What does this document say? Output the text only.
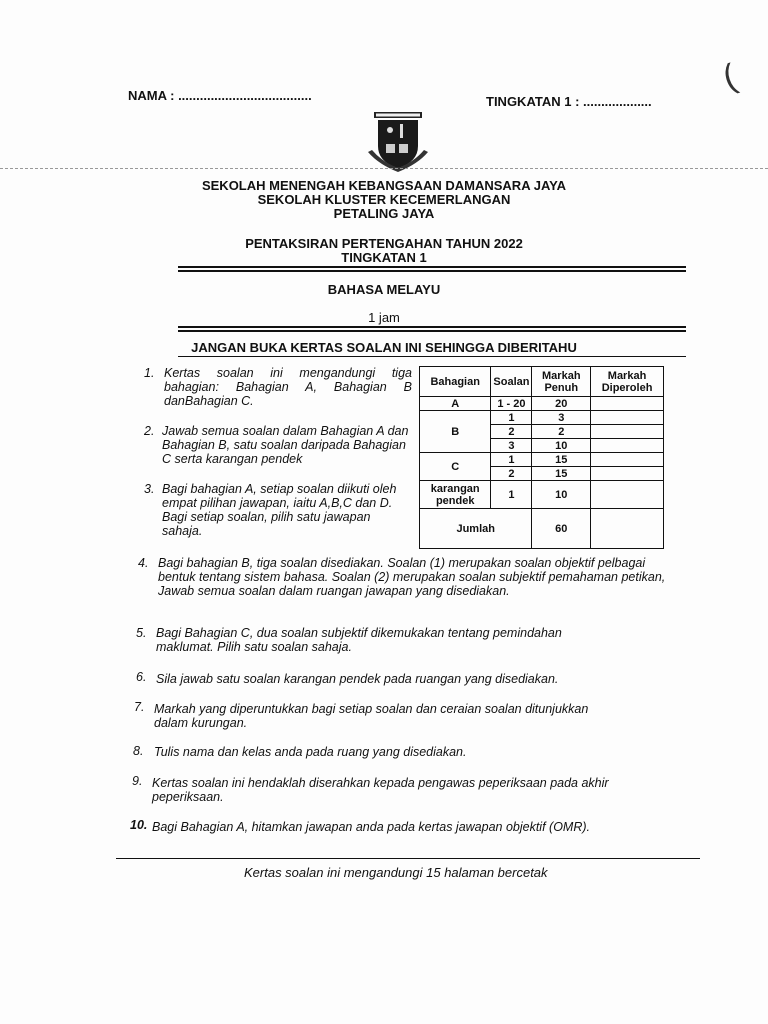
NAMA : .....................................	TINGKATAN 1 : ...................
(
SEKOLAH MENENGAH KEBANGSAAN DAMANSARA JAYA
SEKOLAH KLUSTER KECEMERLANGAN
PETALING JAYA
PENTAKSIRAN PERTENGAHAN TAHUN 2022
TINGKATAN 1
BAHASA MELAYU
1 jam
JANGAN BUKA KERTAS SOALAN INI SEHINGGA DIBERITAHU
Bahagian	Soalan	Markah Penuh	Markah Diperoleh
A	1 - 20	20	
B	1	3	
	2	2	
	3	10	
C	1	15	
	2	15	
karangan pendek	1	10	
Jumlah		60	
1. Kertas soalan ini mengandungi tiga bahagian: Bahagian A, Bahagian B danBahagian C.
2. Jawab semua soalan dalam Bahagian A dan Bahagian B, satu soalan daripada Bahagian C serta karangan pendek
3. Bagi bahagian A, setiap soalan diikuti oleh empat pilihan jawapan, iaitu A,B,C dan D. Bagi setiap soalan, pilih satu jawapan sahaja.
4. Bagi bahagian B, tiga soalan disediakan. Soalan (1) merupakan soalan objektif pelbagai bentuk tentang sistem bahasa. Soalan (2) merupakan soalan subjektif pemahaman petikan, Jawab semua soalan dalam ruangan jawapan yang disediakan.
5. Bagi Bahagian C, dua soalan subjektif dikemukakan tentang pemindahan maklumat. Pilih satu soalan sahaja.
6. Sila jawab satu soalan karangan pendek pada ruangan yang disediakan.
7. Markah yang diperuntukkan bagi setiap soalan dan ceraian soalan ditunjukkan dalam kurungan.
8. Tulis nama dan kelas anda pada ruang yang disediakan.
9. Kertas soalan ini hendaklah diserahkan kepada pengawas peperiksaan pada akhir peperiksaan.
10. Bagi Bahagian A, hitamkan jawapan anda pada kertas jawapan objektif (OMR).
Kertas soalan ini mengandungi 15 halaman bercetak
